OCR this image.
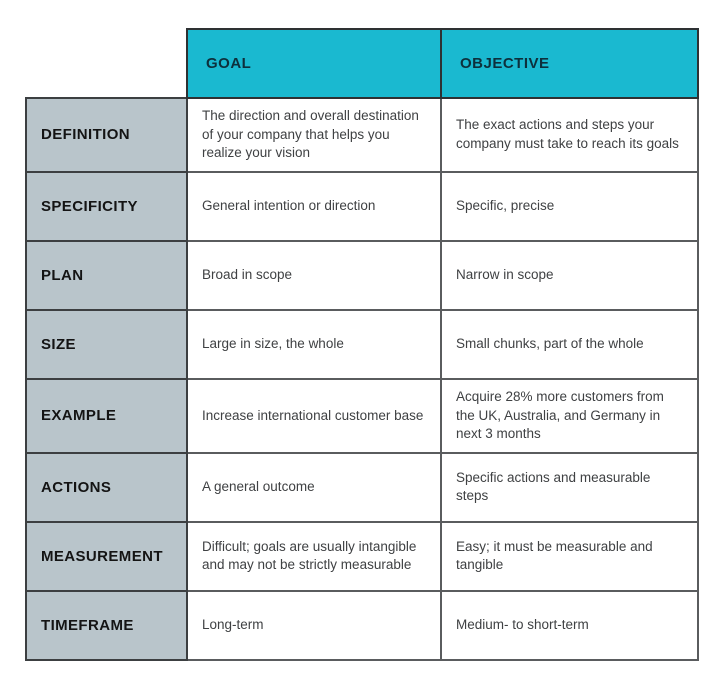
	GOAL	OBJECTIVE
DEFINITION	The direction and overall destination of your company that helps you realize your vision	The exact actions and steps your company must take to reach its goals
SPECIFICITY	General intention or direction	Specific, precise
PLAN	Broad in scope	Narrow in scope
SIZE	Large in size, the whole	Small chunks, part of the whole
EXAMPLE	Increase international customer base	Acquire 28% more customers from the UK, Australia, and Germany in next 3 months
ACTIONS	A general outcome	Specific actions and measurable steps
MEASUREMENT	Difficult; goals are usually intangible and may not be strictly measurable	Easy; it must be measurable and tangible
TIMEFRAME	Long-term	Medium- to short-term
